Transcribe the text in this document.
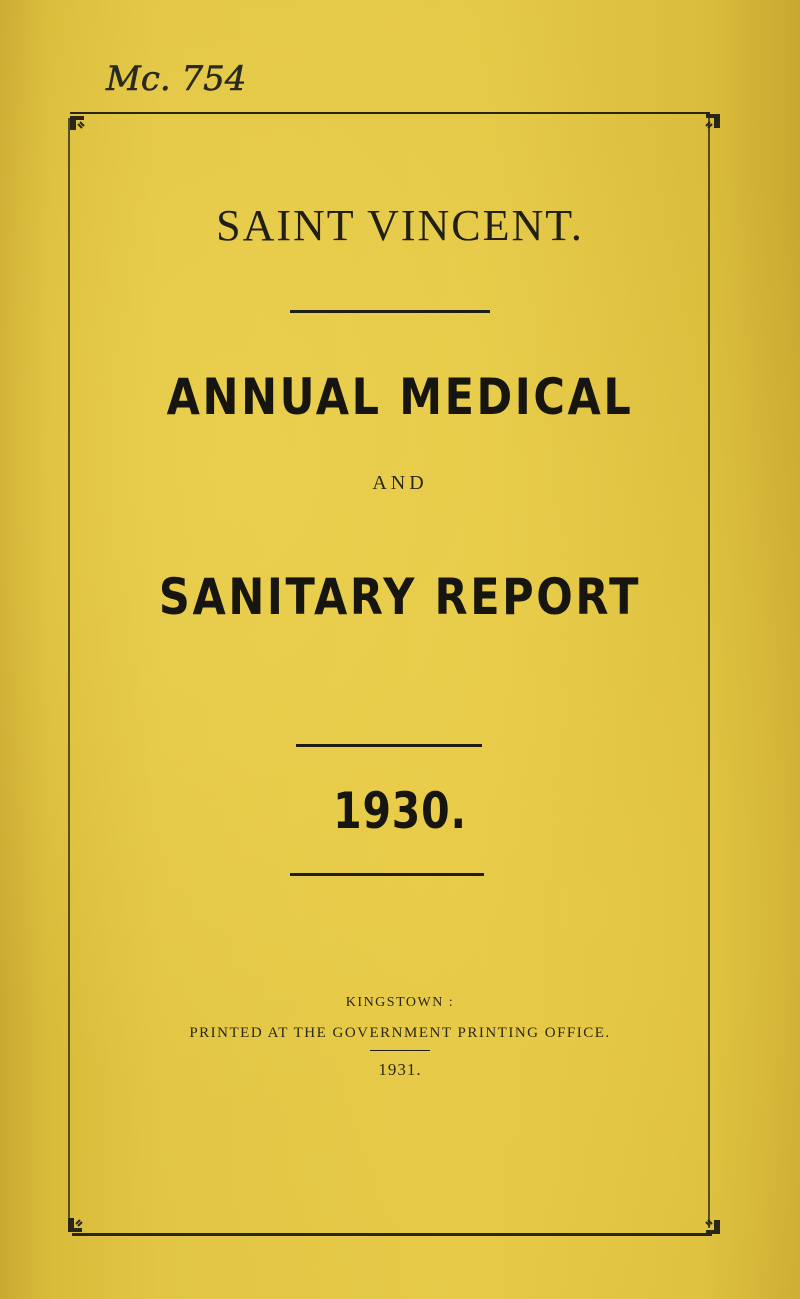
Mc. 754
SAINT VINCENT.
ANNUAL MEDICAL
AND
SANITARY REPORT
1930.
KINGSTOWN :
PRINTED AT THE GOVERNMENT PRINTING OFFICE.
1931.
